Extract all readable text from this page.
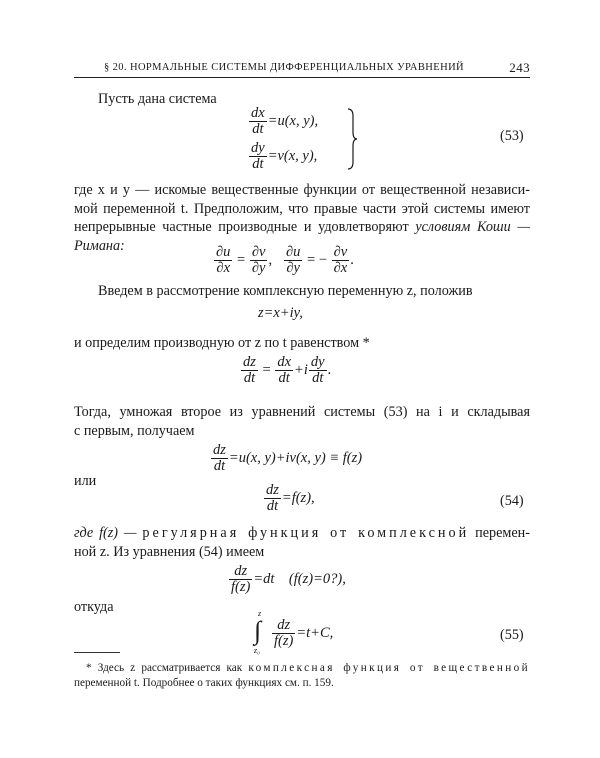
§ 20. НОРМАЛЬНЫЕ СИСТЕМЫ ДИФФЕРЕНЦИАЛЬНЫХ УРАВНЕНИЙ	243
Пусть дана система
$\frac{dx}{dt} =u(x$, y),
$\frac{dy}{dt} =v(x$, y),
(53)
где x и y — искомые вещественные функции от вещественной независи-
мой переменной t. Предположим, что правые части этой системы имеют
непрерывные частные производные и удовлетворяют условиям Коши —
Римана:	$\frac{\partial u}{\partial x} = \frac{\partial v}{\partial y}$ , $\frac{\partial u}{\partial y}$ = − $\frac{\partial v}{\partial x}$ .
Введем в рассмотрение комплексную переменную z, положив
z=x+iy,
и определим производную от z по t равенством *
$\frac{dz}{dt} = \frac{dx}{dt} +i \frac{dy}{dt}$ .
Тогда, умножая второе из уравнений системы (53) на i и складывая
с первым, получаем
$\frac{dz}{dt} =u(x$, y)+iv(x, y) ≡ f(z)
или
$\frac{dz}{dt} =f(z)$,	(54)
где f(z) — регулярная функция от комплексной перемен-
ной z. Из уравнения (54) имеем
$\frac{dz}{f(z)} =dt$ (f(z)=0?),
откуда	z
∫
z₀
$\frac{dz}{f(z)} =t+C$,	(55)
* Здесь z рассматривается как комплексная функция от вещественной
переменной t. Подробнее о таких функциях см. п. 159.
